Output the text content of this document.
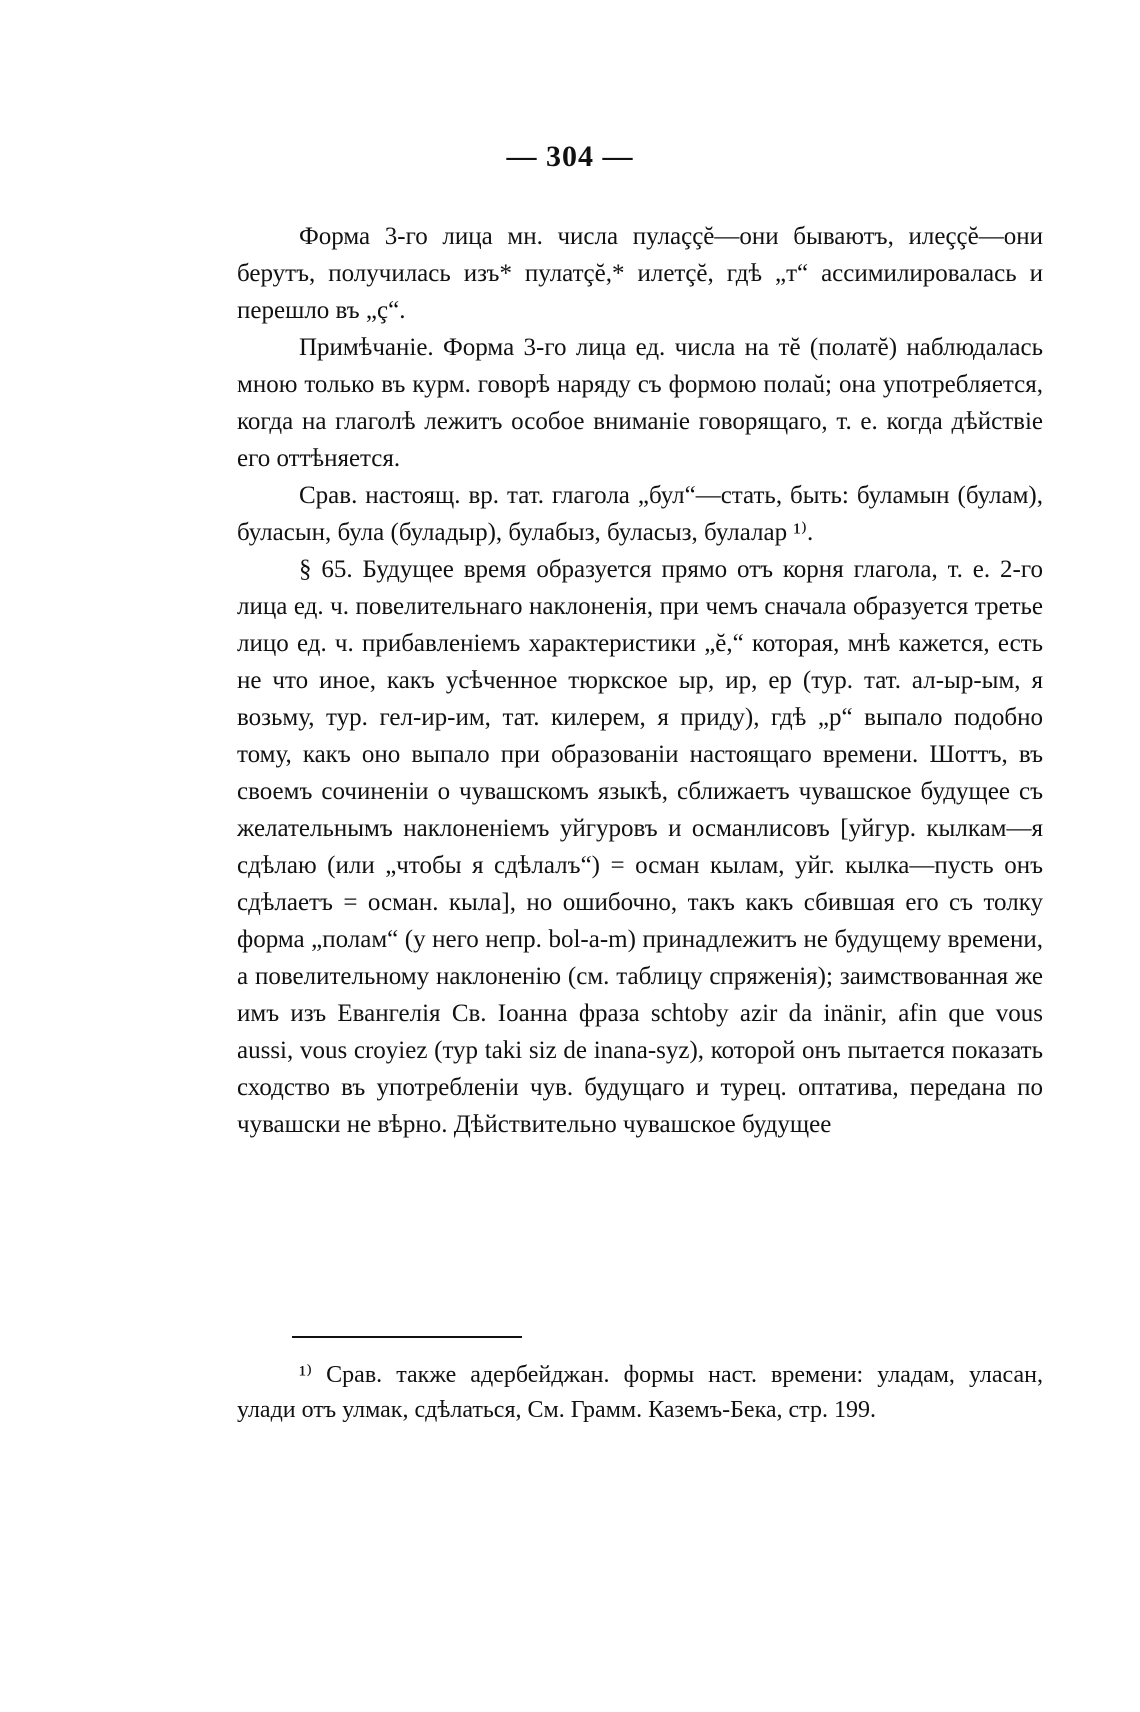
— 304 —

Форма 3-го лица мн. числа пулаççĕ—они бываютъ, илеççĕ—они берутъ, получилась изъ* пулатçĕ,* илетçĕ, гдѣ „т“ ассимилировалась и перешло въ „ç“.

Примѣчаніе. Форма 3-го лица ед. числа на тĕ (полатĕ) наблюдалась мною только въ курм. говорѣ наряду съ формою полаŭ; она употребляется, когда на глаголѣ лежитъ особое вниманіе говорящаго, т. е. когда дѣйствіе его оттѣняется.

Срав. настоящ. вр. тат. глагола „бул“—стать, быть: буламын (булам), буласын, була (буладыр), булабыз, буласыз, булалар ¹⁾.

§ 65. Будущее время образуется прямо отъ корня глагола, т. е. 2-го лица ед. ч. повелительнаго наклоненія, при чемъ сначала образуется третье лицо ед. ч. прибавленіемъ характеристики „ĕ,“ которая, мнѣ кажется, есть не что иное, какъ усѣченное тюркское ыр, ир, ер (тур. тат. ал-ыр-ым, я возьму, тур. гел-ир-им, тат. килерем, я приду), гдѣ „р“ выпало подобно тому, какъ оно выпало при образованіи настоящаго времени. Шоттъ, въ своемъ сочиненіи о чувашскомъ языкѣ, сближаетъ чувашское будущее съ желательнымъ наклоненіемъ уйгуровъ и османлисовъ [уйгур. кылкам—я сдѣлаю (или „чтобы я сдѣлалъ“) = осман кылам, уйг. кылка—пусть онъ сдѣлаетъ = осман. кыла], но ошибочно, такъ какъ сбившая его съ толку форма „полам“ (у него непр. bol-a-m) принадлежитъ не будущему времени, а повелительному наклоненію (см. таблицу спряженія); заимствованная же имъ изъ Евангелія Св. Іоанна фраза schtoby azir da inänir, afin que vous aussi, vous croyiez (тур taki siz de inana-syz), которой онъ пытается показать сходство въ употребленіи чув. будущаго и турец. оптатива, передана по чувашски не вѣрно. Дѣйствительно чувашское будущее

¹⁾ Срав. также адербейджан. формы наст. времени: уладам, уласан, улади отъ улмак, сдѣлаться, См. Грамм. Каземъ-Бека, стр. 199.
